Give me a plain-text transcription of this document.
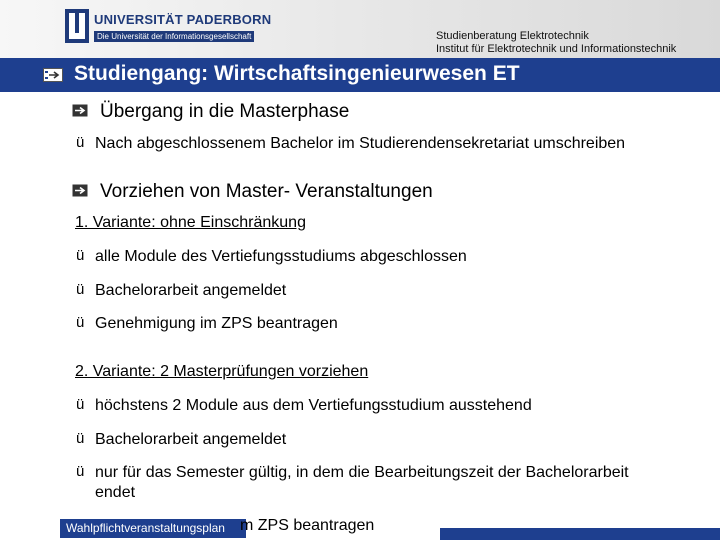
UNIVERSITÄT PADERBORN
Die Universität der Informationsgesellschaft	Studienberatung Elektrotechnik
Institut für Elektrotechnik und Informationstechnik
Studiengang: Wirtschaftsingenieurwesen ET
Übergang in die Masterphase
ü Nach abgeschlossenem Bachelor im Studierendensekretariat umschreiben
Vorziehen von Master- Veranstaltungen
1. Variante: ohne Einschränkung
ü alle Module des Vertiefungsstudiums abgeschlossen
ü Bachelorarbeit angemeldet
ü Genehmigung im ZPS beantragen
2. Variante: 2 Masterprüfungen vorziehen
ü höchstens 2 Module aus dem Vertiefungsstudium ausstehend
ü Bachelorarbeit angemeldet
ü nur für das Semester gültig, in dem die Bearbeitungszeit der Bachelorarbeit endet
Wahlpflichtveranstaltungsplan m ZPS beantragen
